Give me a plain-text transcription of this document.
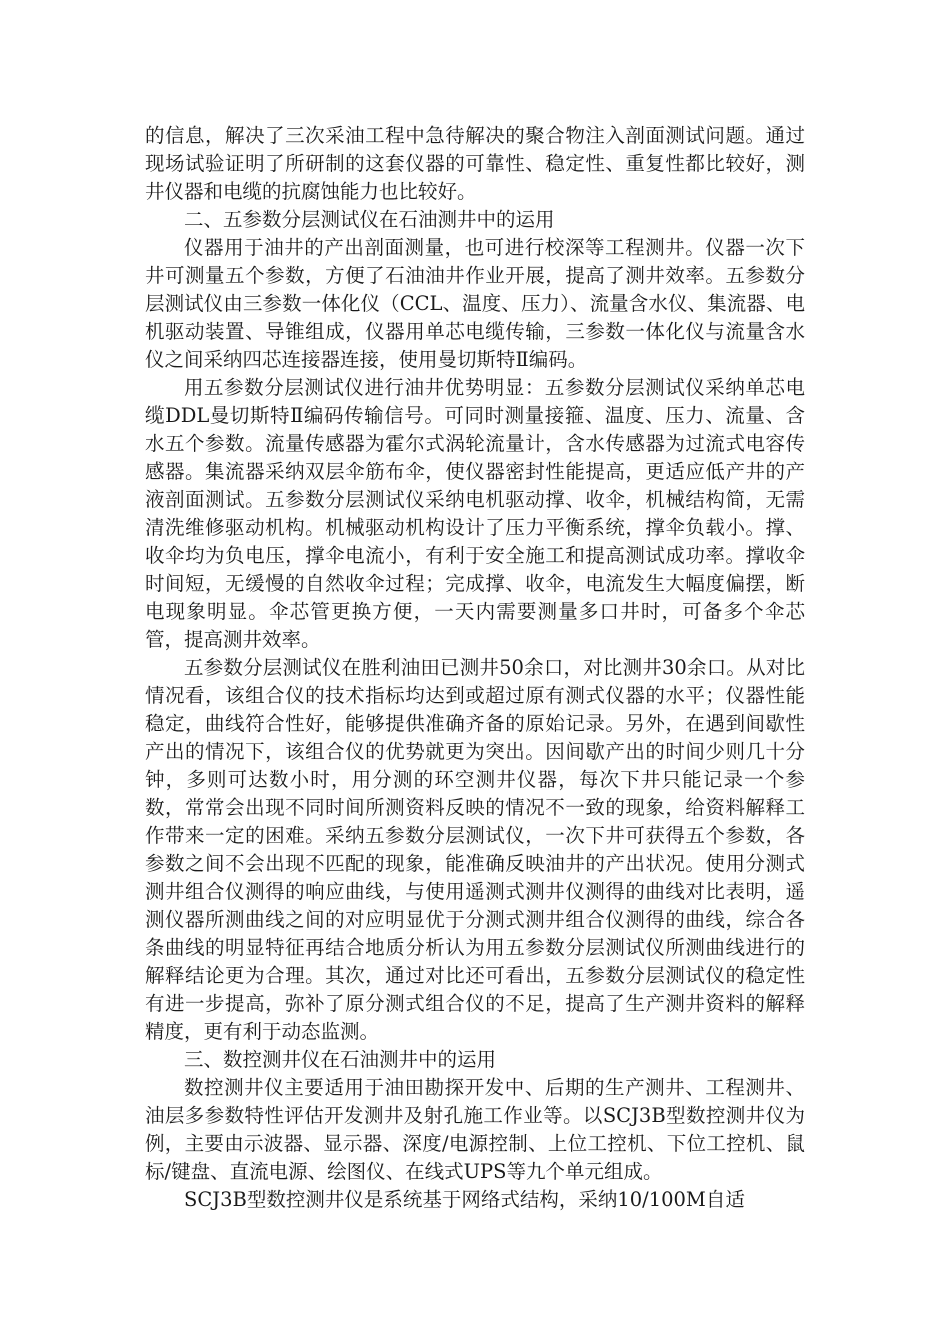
的信息，解决了三次采油工程中急待解决的聚合物注入剖面测试问题。通过现场试验证明了所研制的这套仪器的可靠性、稳定性、重复性都比较好，测井仪器和电缆的抗腐蚀能力也比较好。

二、五参数分层测试仪在石油测井中的运用

仪器用于油井的产出剖面测量，也可进行校深等工程测井。仪器一次下井可测量五个参数，方便了石油油井作业开展，提高了测井效率。五参数分层测试仪由三参数一体化仪（CCL、温度、压力）、流量含水仪、集流器、电机驱动装置、导锥组成，仪器用单芯电缆传输，三参数一体化仪与流量含水仪之间采纳四芯连接器连接，使用曼切斯特Ⅱ编码。

用五参数分层测试仪进行油井优势明显：五参数分层测试仪采纳单芯电缆DDL曼切斯特Ⅱ编码传输信号。可同时测量接箍、温度、压力、流量、含水五个参数。流量传感器为霍尔式涡轮流量计，含水传感器为过流式电容传感器。集流器采纳双层伞筋布伞，使仪器密封性能提高，更适应低产井的产液剖面测试。五参数分层测试仪采纳电机驱动撑、收伞，机械结构简，无需清洗维修驱动机构。机械驱动机构设计了压力平衡系统，撑伞负载小。撑、收伞均为负电压，撑伞电流小，有利于安全施工和提高测试成功率。撑收伞时间短，无缓慢的自然收伞过程；完成撑、收伞，电流发生大幅度偏摆，断电现象明显。伞芯管更换方便，一天内需要测量多口井时，可备多个伞芯管，提高测井效率。

五参数分层测试仪在胜利油田已测井50余口，对比测井30余口。从对比情况看，该组合仪的技术指标均达到或超过原有测式仪器的水平；仪器性能稳定，曲线符合性好，能够提供准确齐备的原始记录。另外，在遇到间歇性产出的情况下，该组合仪的优势就更为突出。因间歇产出的时间少则几十分钟，多则可达数小时，用分测的环空测井仪器，每次下井只能记录一个参数，常常会出现不同时间所测资料反映的情况不一致的现象，给资料解释工作带来一定的困难。采纳五参数分层测试仪，一次下井可获得五个参数，各参数之间不会出现不匹配的现象，能准确反映油井的产出状况。使用分测式测井组合仪测得的响应曲线，与使用遥测式测井仪测得的曲线对比表明，遥测仪器所测曲线之间的对应明显优于分测式测井组合仪测得的曲线，综合各条曲线的明显特征再结合地质分析认为用五参数分层测试仪所测曲线进行的解释结论更为合理。其次，通过对比还可看出，五参数分层测试仪的稳定性有进一步提高，弥补了原分测式组合仪的不足，提高了生产测井资料的解释精度，更有利于动态监测。

三、数控测井仪在石油测井中的运用

数控测井仪主要适用于油田勘探开发中、后期的生产测井、工程测井、油层多参数特性评估开发测井及射孔施工作业等。以SCJ3B型数控测井仪为例，主要由示波器、显示器、深度/电源控制、上位工控机、下位工控机、鼠标/键盘、直流电源、绘图仪、在线式UPS等九个单元组成。

SCJ3B型数控测井仪是系统基于网络式结构，采纳10/100M自适
